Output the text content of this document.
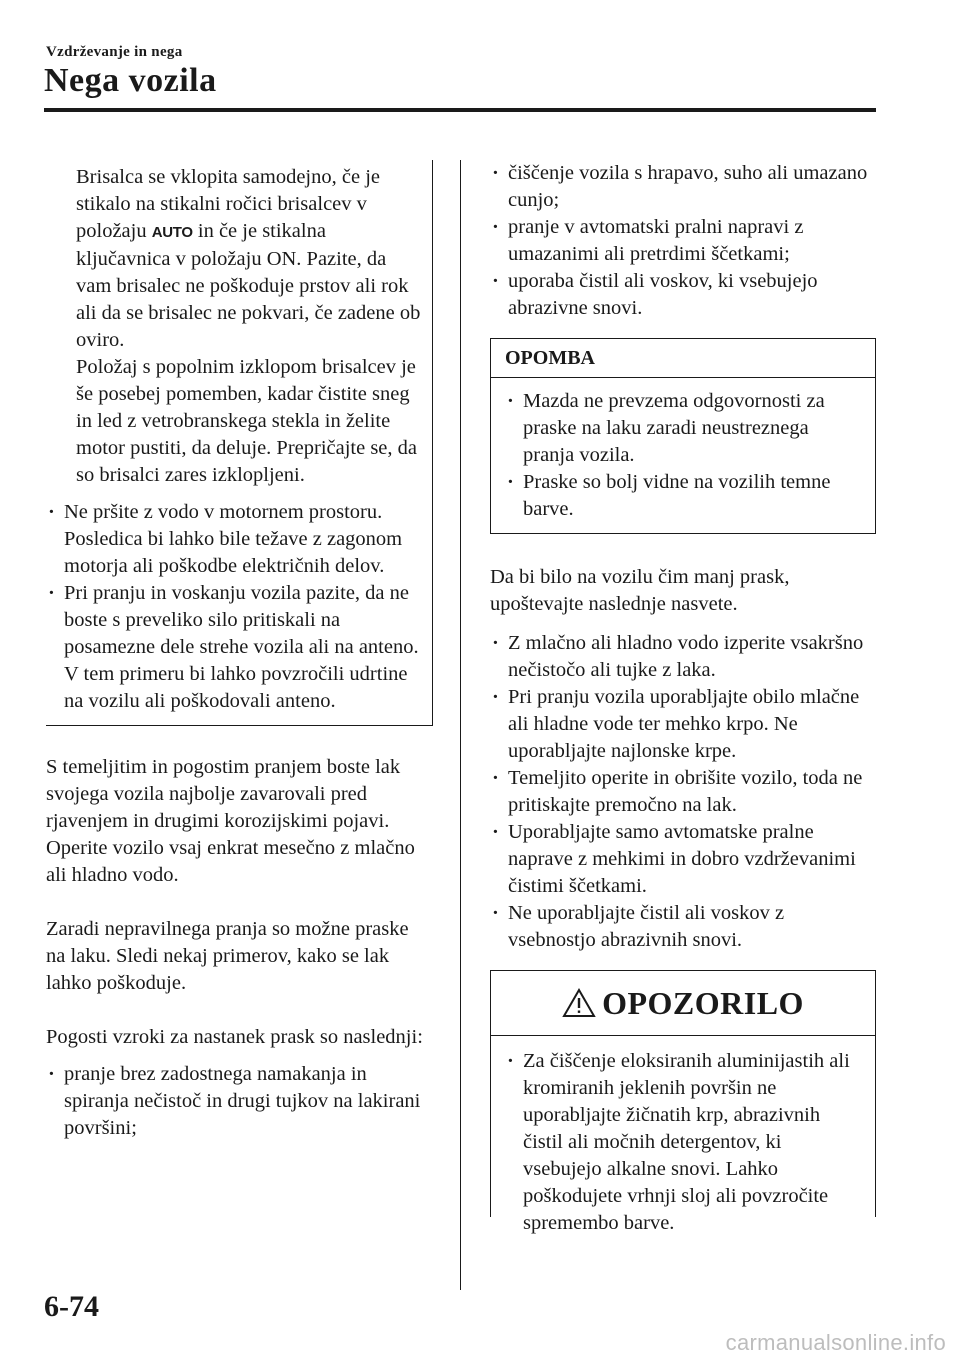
Vzdrževanje in nega
Nega vozila

Brisalca se vklopita samodejno, če je stikalo na stikalni ročici brisalcev v položaju AUTO in če je stikalna ključavnica v položaju ON. Pazite, da vam brisalec ne poškoduje prstov ali rok ali da se brisalec ne pokvari, če zadene ob oviro.

Položaj s popolnim izklopom brisalcev je še posebej pomemben, kadar čistite sneg in led z vetrobranskega stekla in želite motor pustiti, da deluje. Prepričajte se, da so brisalci zares izklopljeni.

· Ne pršite z vodo v motornem prostoru. Posledica bi lahko bile težave z zagonom motorja ali poškodbe električnih delov.
· Pri pranju in voskanju vozila pazite, da ne boste s preveliko silo pritiskali na posamezne dele strehe vozila ali na anteno. V tem primeru bi lahko povzročili udrtine na vozilu ali poškodovali anteno.

S temeljitim in pogostim pranjem boste lak svojega vozila najbolje zavarovali pred rjavenjem in drugimi korozijskimi pojavi. Operite vozilo vsaj enkrat mesečno z mlačno ali hladno vodo.

Zaradi nepravilnega pranja so možne praske na laku. Sledi nekaj primerov, kako se lak lahko poškoduje.

Pogosti vzroki za nastanek prask so naslednji:

· pranje brez zadostnega namakanja in spiranja nečistoč in drugi tujkov na lakirani površini;
· čiščenje vozila s hrapavo, suho ali umazano cunjo;
· pranje v avtomatski pralni napravi z umazanimi ali pretrdimi ščetkami;
· uporaba čistil ali voskov, ki vsebujejo abrazivne snovi.
OPOMBA
· Mazda ne prevzema odgovornosti za praske na laku zaradi neustreznega pranja vozila.
· Praske so bolj vidne na vozilih temne barve.

Da bi bilo na vozilu čim manj prask, upoštevajte naslednje nasvete.

· Z mlačno ali hladno vodo izperite vsakršno nečistočo ali tujke z laka.
· Pri pranju vozila uporabljajte obilo mlačne ali hladne vode ter mehko krpo. Ne uporabljajte najlonske krpe.
· Temeljito operite in obrišite vozilo, toda ne pritiskajte premočno na lak.
· Uporabljajte samo avtomatske pralne naprave z mehkimi in dobro vzdrževanimi čistimi ščetkami.
· Ne uporabljajte čistil ali voskov z vsebnostjo abrazivnih snovi.
OPOZORILO
· Za čiščenje eloksiranih aluminijastih ali kromiranih jeklenih površin ne uporabljajte žičnatih krp, abrazivnih čistil ali močnih detergentov, ki vsebujejo alkalne snovi. Lahko poškodujete vrhnji sloj ali povzročite spremembo barve.
6-74
carmanualsonline.info
